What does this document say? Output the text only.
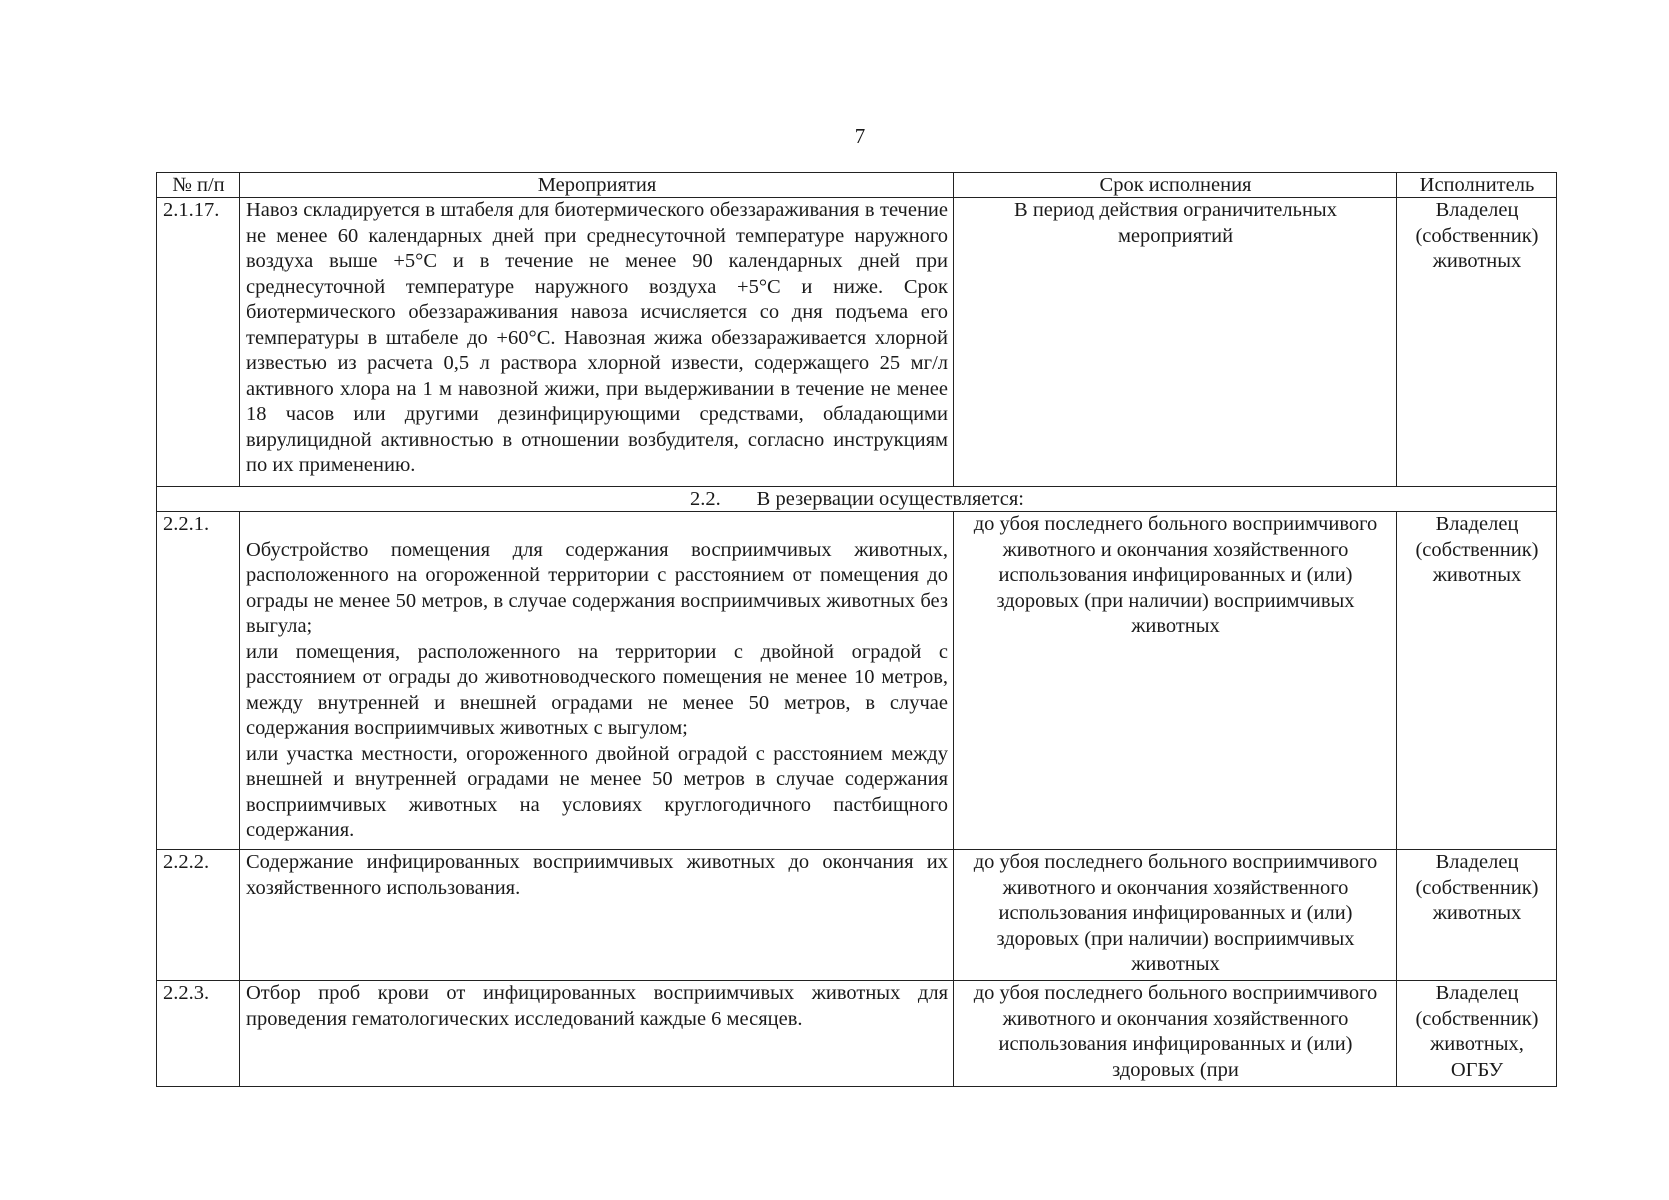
7
№ п/п	Мероприятия	Срок исполнения	Исполнитель
2.1.17.	Навоз складируется в штабеля для биотермического обеззараживания в течение не менее 60 календарных дней при среднесуточной температуре наружного воздуха выше +5°С и в течение не менее 90 календарных дней при среднесуточной температуре наружного воздуха +5°С и ниже. Срок биотермического обеззараживания навоза исчисляется со дня подъема его температуры в штабеле до +60°С. Навозная жижа обеззараживается хлорной известью из расчета 0,5 л раствора хлорной извести, содержащего 25 мг/л активного хлора на 1 м навозной жижи, при выдерживании в течение не менее 18 часов или другими дезинфицирующими средствами, обладающими вирулицидной активностью в отношении возбудителя, согласно инструкциям по их применению.	В период действия ограничительных мероприятий	Владелец (собственник) животных
2.2.       В резервации осуществляется:			
2.2.1.	Обустройство помещения для содержания восприимчивых животных, расположенного на огороженной территории с расстоянием от помещения до ограды не менее 50 метров, в случае содержания восприимчивых животных без выгула;

или помещения, расположенного на территории с двойной оградой с расстоянием от ограды до животноводческого помещения не менее 10 метров, между внутренней и внешней оградами не менее 50 метров, в случае содержания восприимчивых животных с выгулом;

или участка местности, огороженного двойной оградой с расстоянием между внешней и внутренней оградами не менее 50 метров в случае содержания восприимчивых животных на условиях круглогодичного пастбищного содержания.	до убоя последнего больного восприимчивого животного и окончания хозяйственного использования инфицированных и (или) здоровых (при наличии) восприимчивых животных	Владелец (собственник) животных
2.2.2.	Содержание инфицированных восприимчивых животных до окончания их хозяйственного использования.	до убоя последнего больного восприимчивого животного и окончания хозяйственного использования инфицированных и (или) здоровых (при наличии) восприимчивых животных	Владелец (собственник) животных
2.2.3.	Отбор проб крови от инфицированных восприимчивых животных для проведения гематологических исследований каждые 6 месяцев.	до убоя последнего больного восприимчивого животного и окончания хозяйственного использования инфицированных и (или) здоровых (при	Владелец (собственник) животных, ОГБУ
